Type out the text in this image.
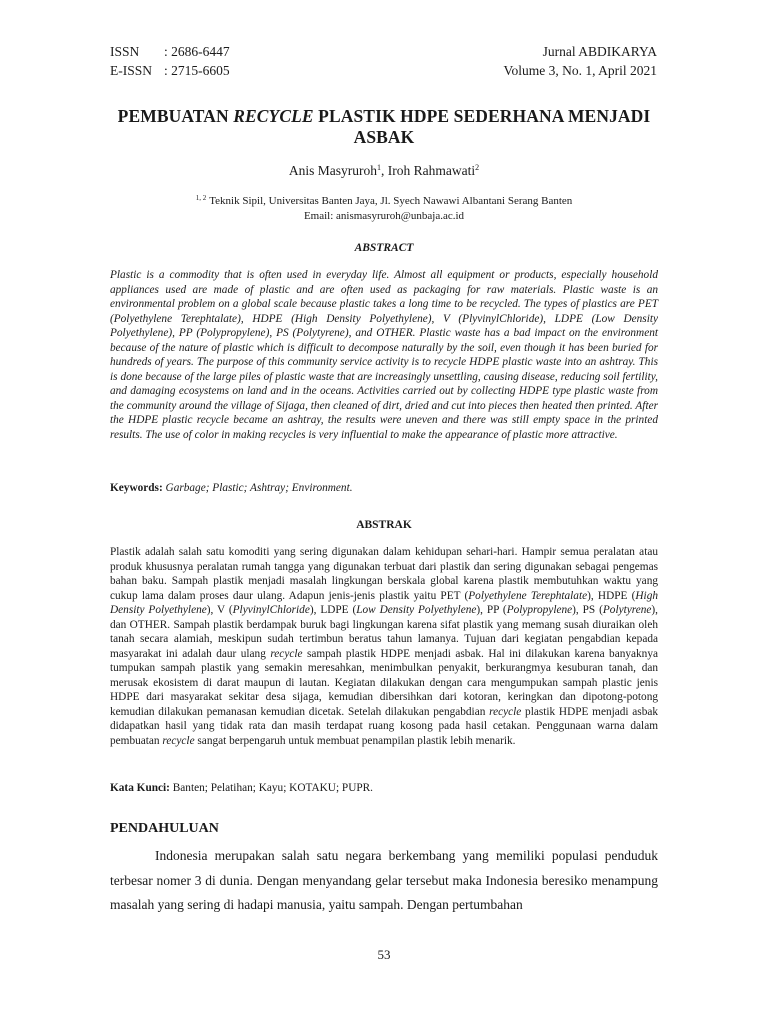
ISSN : 2686-6447
E-ISSN : 2715-6605
Jurnal ABDIKARYA
Volume 3, No. 1, April 2021
PEMBUATAN RECYCLE PLASTIK HDPE SEDERHANA MENJADI ASBAK
Anis Masyruroh$^1$, Iroh Rahmawati$^2$
$^{1, 2}$ Teknik Sipil, Universitas Banten Jaya, Jl. Syech Nawawi Albantani Serang Banten
Email: anismasyruroh@unbaja.ac.id
ABSTRACT
Plastic is a commodity that is often used in everyday life. Almost all equipment or products, especially household appliances used are made of plastic and are often used as packaging for raw materials. Plastic waste is an environmental problem on a global scale because plastic takes a long time to be recycled. The types of plastics are PET (Polyethylene Terephtalate), HDPE (High Density Polyethylene), V (PlyvinylChloride), LDPE (Low Density Polyethylene), PP (Polypropylene), PS (Polytyrene), and OTHER. Plastic waste has a bad impact on the environment because of the nature of plastic which is difficult to decompose naturally by the soil, even though it has been buried for hundreds of years. The purpose of this community service activity is to recycle HDPE plastic waste into an ashtray. This is done because of the large piles of plastic waste that are increasingly unsettling, causing disease, reducing soil fertility, and damaging ecosystems on land and in the oceans. Activities carried out by collecting HDPE type plastic waste from the community around the village of Sijaga, then cleaned of dirt, dried and cut into pieces then heated then printed. After the HDPE plastic recycle became an ashtray, the results were uneven and there was still empty space in the printed results. The use of color in making recycles is very influential to make the appearance of plastic more attractive.
Keywords: Garbage; Plastic; Ashtray; Environment.
ABSTRAK
Plastik adalah salah satu komoditi yang sering digunakan dalam kehidupan sehari-hari. Hampir semua peralatan atau produk khususnya peralatan rumah tangga yang digunakan terbuat dari plastik dan sering digunakan sebagai pengemas bahan baku. Sampah plastik menjadi masalah lingkungan berskala global karena plastik membutuhkan waktu yang cukup lama dalam proses daur ulang. Adapun jenis-jenis plastik yaitu PET (Polyethylene Terephtalate), HDPE (High Density Polyethylene), V (PlyvinylChloride), LDPE (Low Density Polyethylene), PP (Polypropylene), PS (Polytyrene), dan OTHER. Sampah plastik berdampak buruk bagi lingkungan karena sifat plastik yang memang susah diuraikan oleh tanah secara alamiah, meskipun sudah tertimbun beratus tahun lamanya. Tujuan dari kegiatan pengabdian kepada masyarakat ini adalah daur ulang recycle sampah plastik HDPE menjadi asbak. Hal ini dilakukan karena banyaknya tumpukan sampah plastik yang semakin meresahkan, menimbulkan penyakit, berkurangmya kesuburan tanah, dan merusak ekosistem di darat maupun di lautan. Kegiatan dilakukan dengan cara mengumpukan sampah plastic jenis HDPE dari masyarakat sekitar desa sijaga, kemudian dibersihkan dari kotoran, keringkan dan dipotong-potong kemudian dilakukan pemanasan kemudian dicetak. Setelah dilakukan pengabdian recycle plastik HDPE menjadi asbak didapatkan hasil yang tidak rata dan masih terdapat ruang kosong pada hasil cetakan. Penggunaan warna dalam pembuatan recycle sangat berpengaruh untuk membuat penampilan plastik lebih menarik.
Kata Kunci: Banten; Pelatihan; Kayu; KOTAKU; PUPR.
PENDAHULUAN
Indonesia merupakan salah satu negara berkembang yang memiliki populasi penduduk terbesar nomer 3 di dunia. Dengan menyandang gelar tersebut maka Indonesia beresiko menampung masalah yang sering di hadapi manusia, yaitu sampah. Dengan pertumbahan
53
